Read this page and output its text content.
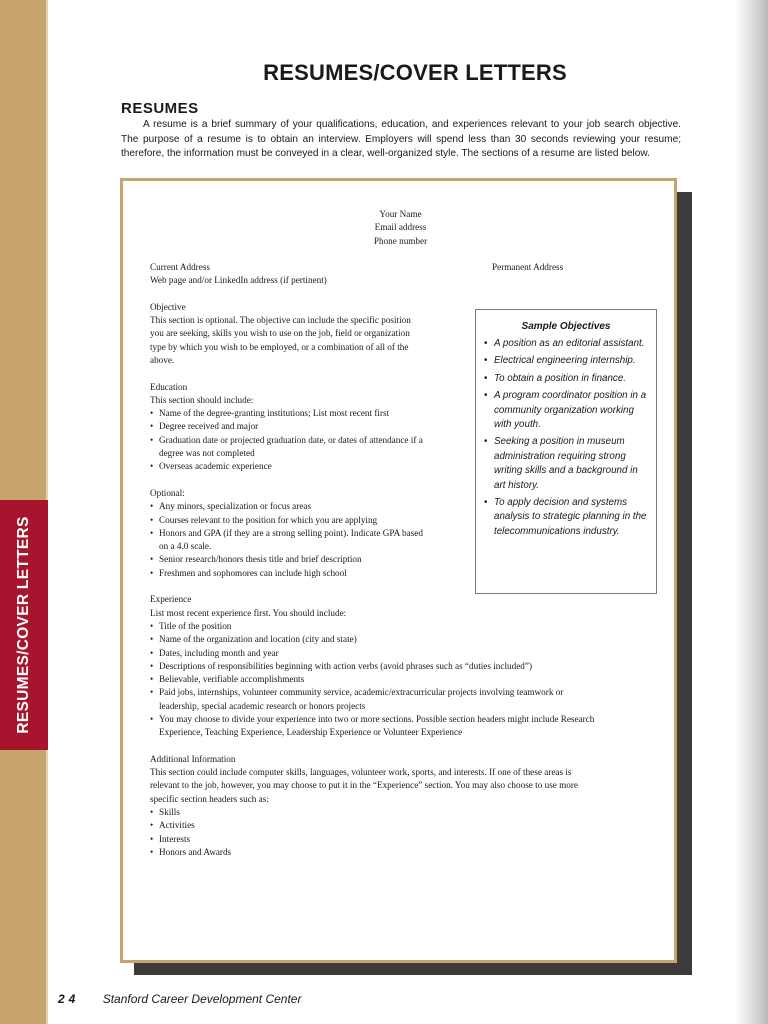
RESUMES/COVER LETTERS
RESUMES/COVER LETTERS
RESUMES

A resume is a brief summary of your qualifications, education, and experiences relevant to your job search objective. The purpose of a resume is to obtain an interview. Employers will spend less than 30 seconds reviewing your resume; therefore, the information must be conveyed in a clear, well-organized style. The sections of a resume are listed below.

Your Name
Email address
Phone number
Current Address	Permanent Address
Web page and/or LinkedIn address (if pertinent)
Objective
This section is optional. The objective can include the specific position
you are seeking, skills you wish to use on the job, field or organization
type by which you wish to be employed, or a combination of all of the
above.
Education
This section should include:
• Name of the degree-granting institutions; List most recent first
• Degree received and major
• Graduation date or projected graduation date, or dates of attendance if a
degree was not completed
• Overseas academic experience
Optional:
• Any minors, specialization or focus areas
• Courses relevant to the position for which you are applying
• Honors and GPA (if they are a strong selling point). Indicate GPA based
on a 4.0 scale.
• Senior research/honors thesis title and brief description
• Freshmen and sophomores can include high school
Experience
List most recent experience first. You should include:
• Title of the position
• Name of the organization and location (city and state)
• Dates, including month and year
• Descriptions of responsibilities beginning with action verbs (avoid phrases such as “duties included”)
• Believable, verifiable accomplishments
• Paid jobs, internships, volunteer community service, academic/extracurricular projects involving teamwork or
leadership, special academic research or honors projects
• You may choose to divide your experience into two or more sections. Possible section headers might include Research
Experience, Teaching Experience, Leadership Experience or Volunteer Experience
Additional Information
This section could include computer skills, languages, volunteer work, sports, and interests. If one of these areas is
relevant to the job, however, you may choose to put it in the “Experience” section. You may also choose to use more
specific section headers such as:
• Skills
• Activities
• Interests
• Honors and Awards
Sample Objectives
• A position as an editorial assistant.
• Electrical engineering internship.
• To obtain a position in finance.
• A program coordinator position in a community organization working with youth.
• Seeking a position in museum administration requiring strong writing skills and a background in art history.
• To apply decision and systems analysis to strategic planning in the telecommunications industry.
24 Stanford Career Development Center
